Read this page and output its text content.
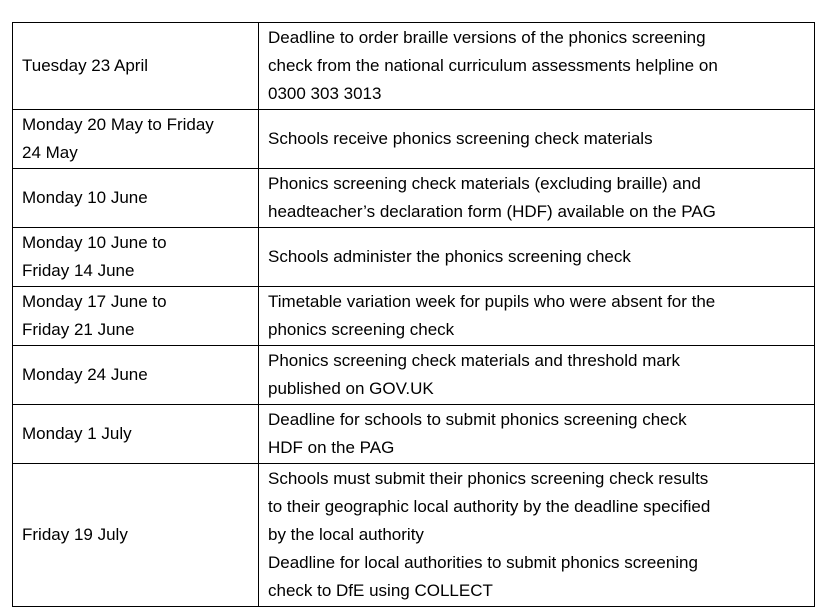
Tuesday 23 April	Deadline to order braille versions of the phonics screening
check from the national curriculum assessments helpline on
0300 303 3013

Monday 20 May to Friday
24 May	Schools receive phonics screening check materials

Monday 10 June	Phonics screening check materials (excluding braille) and
headteacher’s declaration form (HDF) available on the PAG

Monday 10 June to
Friday 14 June	Schools administer the phonics screening check

Monday 17 June to
Friday 21 June	Timetable variation week for pupils who were absent for the
phonics screening check

Monday 24 June	Phonics screening check materials and threshold mark
published on GOV.UK

Monday 1 July	Deadline for schools to submit phonics screening check
HDF on the PAG

Friday 19 July	Schools must submit their phonics screening check results
to their geographic local authority by the deadline specified
by the local authority
Deadline for local authorities to submit phonics screening
check to DfE using COLLECT
